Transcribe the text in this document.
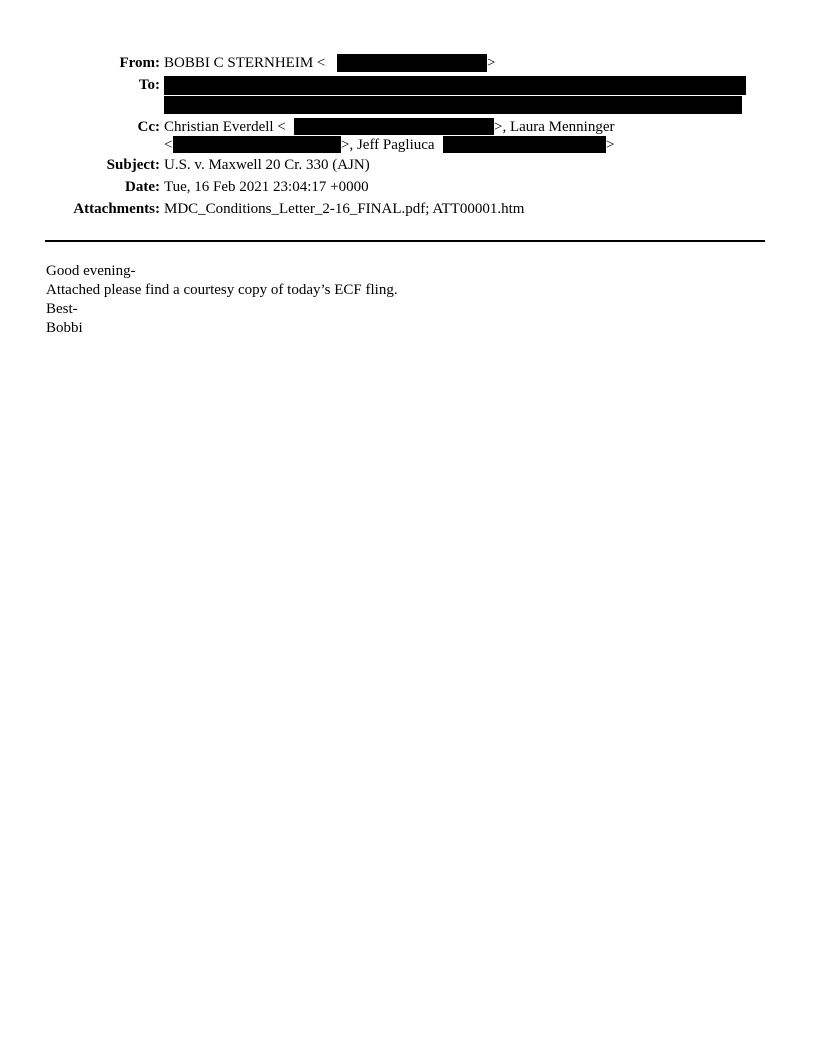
From: BOBBI C STERNHEIM <	>
To:
Cc: Christian Everdell <	>, Laura Menninger
<	>, Jeff Pagliuca	>
Subject: U.S. v. Maxwell 20 Cr. 330 (AJN)
Date: Tue, 16 Feb 2021 23:04:17 +0000
Attachments: MDC_Conditions_Letter_2-16_FINAL.pdf; ATT00001.htm
Good evening-
Attached please find a courtesy copy of today’s ECF fling.
Best-
Bobbi
